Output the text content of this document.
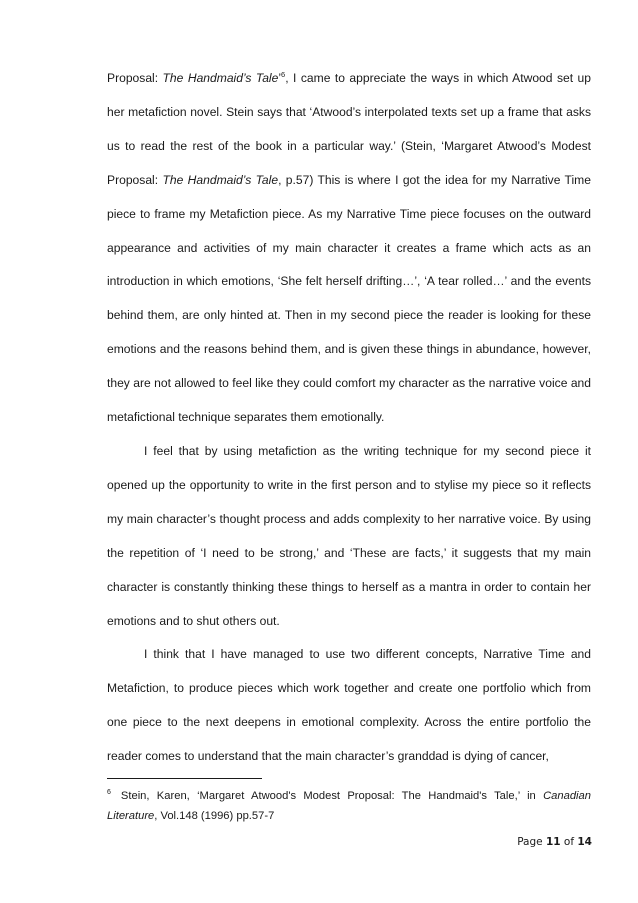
Proposal: The Handmaid’s Tale’$^6$, I came to appreciate the ways in which Atwood set up her metafiction novel. Stein says that ‘Atwood’s interpolated texts set up a frame that asks us to read the rest of the book in a particular way.’ (Stein, ‘Margaret Atwood’s Modest Proposal: The Handmaid’s Tale, p.57) This is where I got the idea for my Narrative Time piece to frame my Metafiction piece. As my Narrative Time piece focuses on the outward appearance and activities of my main character it creates a frame which acts as an introduction in which emotions, ‘She felt herself drifting…’, ‘A tear rolled…’ and the events behind them, are only hinted at. Then in my second piece the reader is looking for these emotions and the reasons behind them, and is given these things in abundance, however, they are not allowed to feel like they could comfort my character as the narrative voice and metafictional technique separates them emotionally.

I feel that by using metafiction as the writing technique for my second piece it opened up the opportunity to write in the first person and to stylise my piece so it reflects my main character’s thought process and adds complexity to her narrative voice. By using the repetition of ‘I need to be strong,’ and ‘These are facts,’ it suggests that my main character is constantly thinking these things to herself as a mantra in order to contain her emotions and to shut others out.

I think that I have managed to use two different concepts, Narrative Time and Metafiction, to produce pieces which work together and create one portfolio which from one piece to the next deepens in emotional complexity. Across the entire portfolio the reader comes to understand that the main character’s granddad is dying of cancer,

$^6$ Stein, Karen, ‘Margaret Atwood's Modest Proposal: The Handmaid's Tale,’ in Canadian Literature, Vol.148 (1996) pp.57-7
Page 11 of 14
